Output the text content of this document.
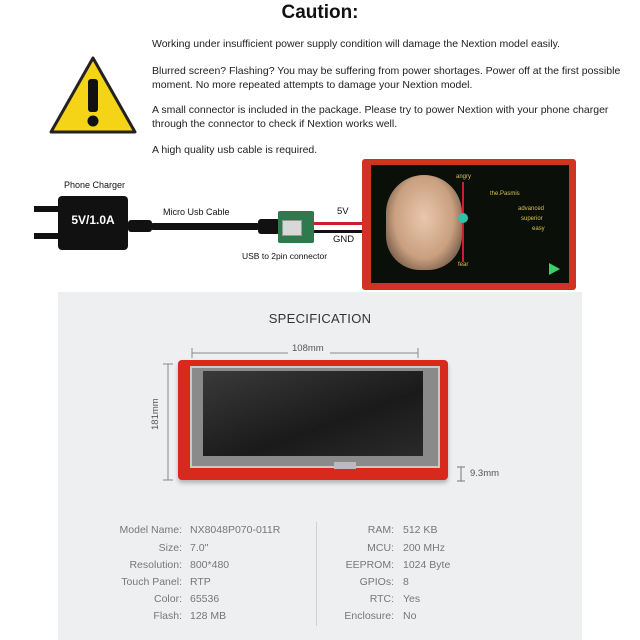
Caution:
Working under insufficient power supply condition will damage the Nextion model easily.
Blurred screen? Flashing? You may be suffering from power shortages. Power off at the first possible moment. No more repeated attempts to damage your Nextion model.
A small connector is included in the package. Please try to power Nextion with your phone charger through the connector to check if Nextion works well.
A high quality usb cable is required.
Phone Charger
5V/1.0A
Micro Usb Cable
USB to 2pin connector
5V
GND
angry
fear
the.Pasmis
advanced
superior
easy
SPECIFICATION
108mm
181mm
9.3mm
Model Name: NX8048P070-011R
Size: 7.0"
Resolution: 800*480
Touch Panel: RTP
Color: 65536
Flash: 128 MB
RAM: 512 KB
MCU: 200 MHz
EEPROM: 1024 Byte
GPIOs: 8
RTC: Yes
Enclosure: No
